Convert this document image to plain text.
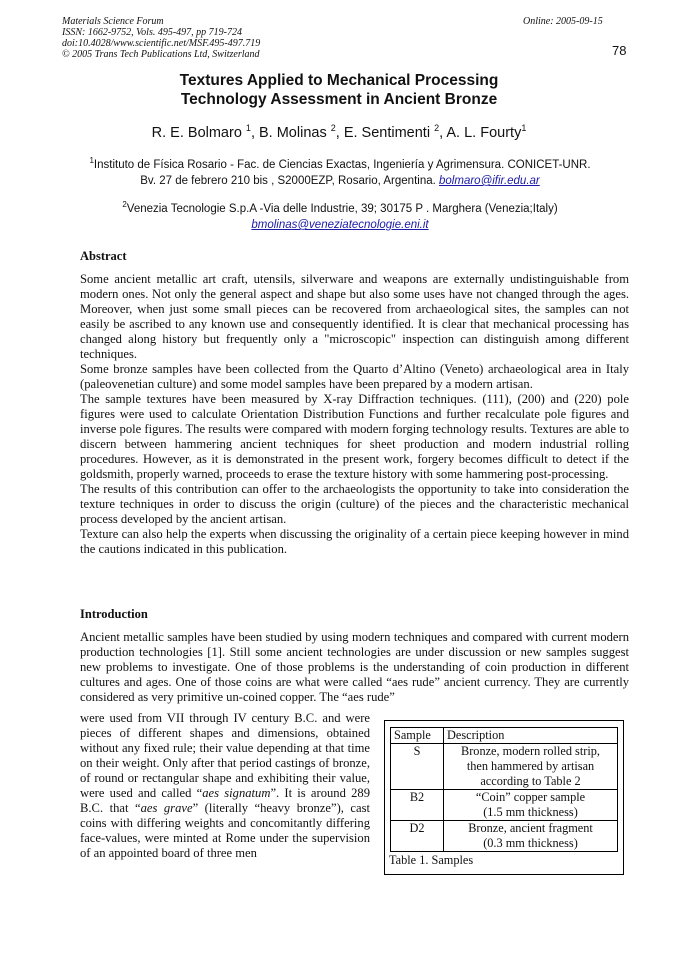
Materials Science Forum
ISSN: 1662-9752, Vols. 495-497, pp 719-724
doi:10.4028/www.scientific.net/MSF.495-497.719
© 2005 Trans Tech Publications Ltd, Switzerland
Online: 2005-09-15
78
Textures Applied to Mechanical Processing
Technology Assessment in Ancient Bronze
R. E. Bolmaro $^1$, B. Molinas $^2$, E. Sentimenti $^2$, A. L. Fourty$^1$
$^1$Instituto de Física Rosario - Fac. de Ciencias Exactas, Ingeniería y Agrimensura. CONICET-UNR.
Bv. 27 de febrero 210 bis , S2000EZP, Rosario, Argentina. bolmaro@ifir.edu.ar
$^2$Venezia Tecnologie S.p.A -Via delle Industrie, 39; 30175 P . Marghera (Venezia;Italy)
bmolinas@veneziatecnologie.eni.it
Abstract

Some ancient metallic art craft, utensils, silverware and weapons are externally undistinguishable from modern ones. Not only the general aspect and shape but also some uses have not changed through the ages. Moreover, when just some small pieces can be recovered from archaeological sites, the samples can not easily be ascribed to any known use and consequently identified. It is clear that mechanical processing has changed along history but frequently only a "microscopic" inspection can distinguish among different techniques.

Some bronze samples have been collected from the Quarto d’Altino (Veneto) archaeological area in Italy (paleovenetian culture) and some model samples have been prepared by a modern artisan.

The sample textures have been measured by X-ray Diffraction techniques. (111), (200) and (220) pole figures were used to calculate Orientation Distribution Functions and further recalculate pole figures and inverse pole figures. The results were compared with modern forging technology results. Textures are able to discern between hammering ancient techniques for sheet production and modern industrial rolling procedures. However, as it is demonstrated in the present work, forgery becomes difficult to detect if the goldsmith, properly warned, proceeds to erase the texture history with some hammering post-processing.

The results of this contribution can offer to the archaeologists the opportunity to take into consideration the texture techniques in order to discuss the origin (culture) of the pieces and the characteristic mechanical process developed by the ancient artisan.

Texture can also help the experts when discussing the originality of a certain piece keeping however in mind the cautions indicated in this publication.

Introduction

Ancient metallic samples have been studied by using modern techniques and compared with current modern production technologies [1]. Still some ancient technologies are under discussion or new samples suggest new problems to investigate. One of those problems is the understanding of coin production in different cultures and ages. One of those coins are what were called “aes rude” ancient currency. They are currently considered as very primitive un-coined copper. The “aes rude”

were used from VII through IV century B.C. and were pieces of different shapes and dimensions, obtained without any fixed rule; their value depending at that time on their weight. Only after that period castings of bronze, of round or rectangular shape and exhibiting their value, were used and called “aes signatum”. It is around 289 B.C. that “aes grave” (literally “heavy bronze”), cast coins with differing weights and concomitantly differing face-values, were minted at Rome under the supervision of an appointed board of three men
Sample	Description
S	Bronze, modern rolled strip,
then hammered by artisan
according to Table 2

B2	“Coin” copper sample
(1.5 mm thickness)

D2	Bronze, ancient fragment
(0.3 mm thickness)
Table 1. Samples
